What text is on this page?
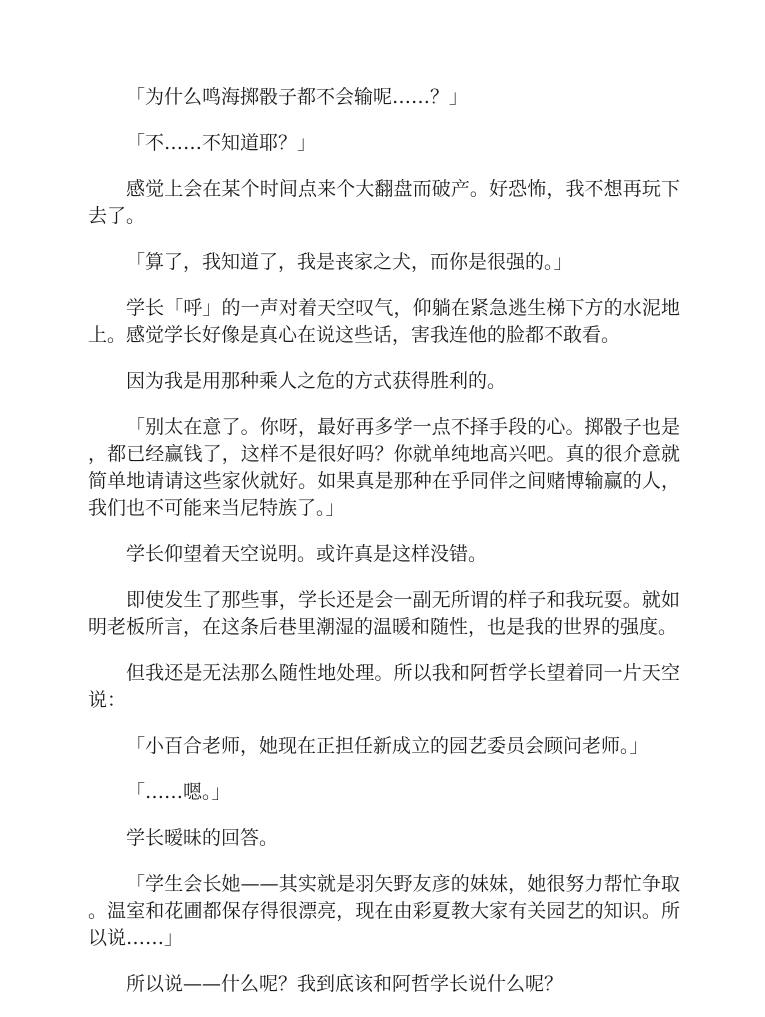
「为什么鸣海掷骰子都不会输呢……？」

「不……不知道耶？」

感觉上会在某个时间点来个大翻盘而破产。好恐怖，我不想再玩下去了。

「算了，我知道了，我是丧家之犬，而你是很强的。」

学长「呼」的一声对着天空叹气，仰躺在紧急逃生梯下方的水泥地上。感觉学长好像是真心在说这些话，害我连他的脸都不敢看。

因为我是用那种乘人之危的方式获得胜利的。

「别太在意了。你呀，最好再多学一点不择手段的心。掷骰子也是，都已经赢钱了，这样不是很好吗？你就单纯地高兴吧。真的很介意就简单地请请这些家伙就好。如果真是那种在乎同伴之间赌博输赢的人，我们也不可能来当尼特族了。」

学长仰望着天空说明。或许真是这样没错。

即使发生了那些事，学长还是会一副无所谓的样子和我玩耍。就如明老板所言，在这条后巷里潮湿的温暖和随性，也是我的世界的强度。

但我还是无法那么随性地处理。所以我和阿哲学长望着同一片天空说：

「小百合老师，她现在正担任新成立的园艺委员会顾问老师。」

「……嗯。」

学长暧昧的回答。

「学生会长她——其实就是羽矢野友彦的妹妹，她很努力帮忙争取。温室和花圃都保存得很漂亮，现在由彩夏教大家有关园艺的知识。所以说……」

所以说——什么呢？我到底该和阿哲学长说什么呢？
